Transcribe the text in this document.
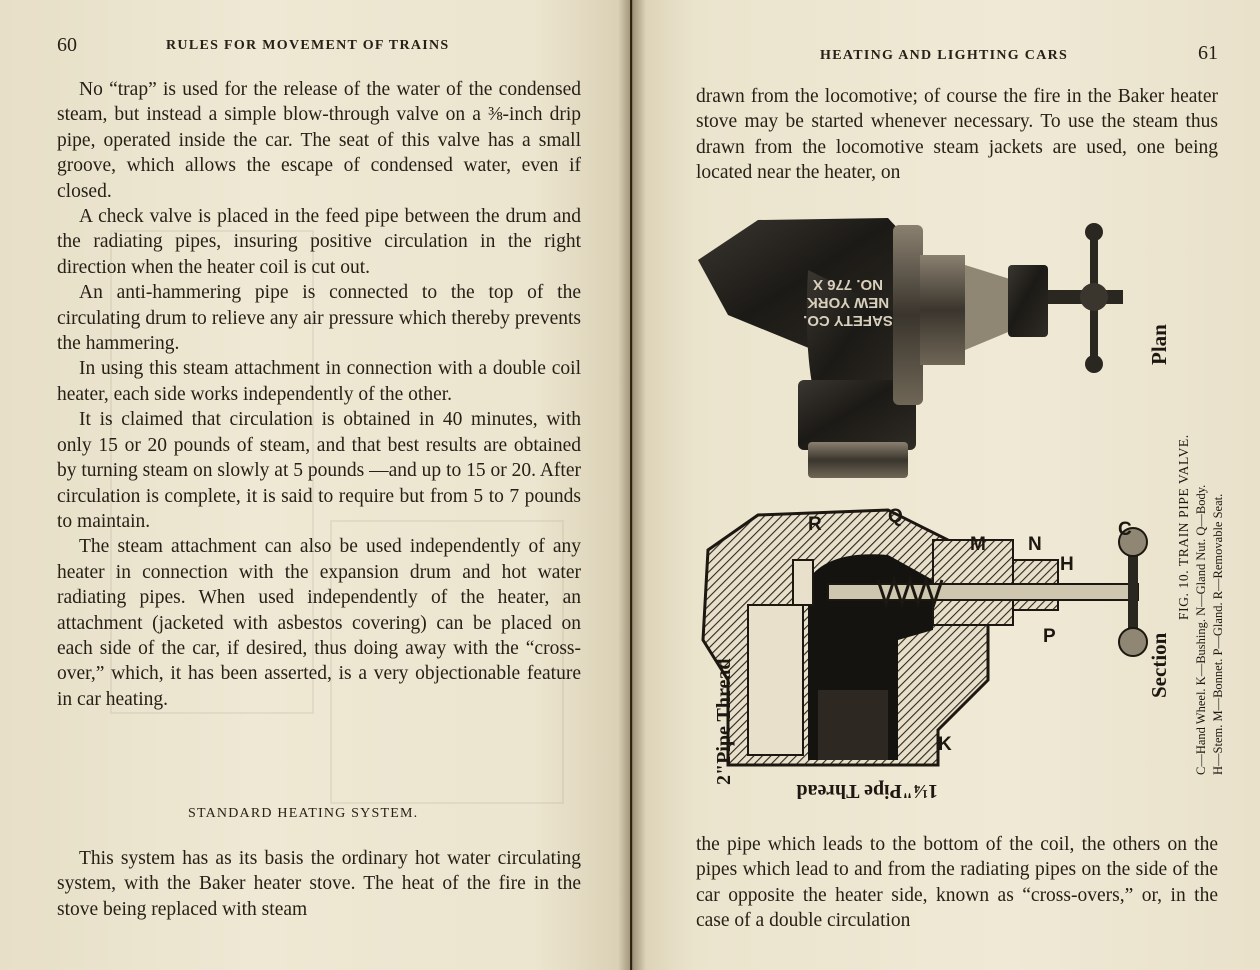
60	RULES FOR MOVEMENT OF TRAINS

No “trap” is used for the release of the water of the condensed steam, but instead a simple blow-through valve on a ⅜-inch drip pipe, operated inside the car. The seat of this valve has a small groove, which allows the escape of condensed water, even if closed.

A check valve is placed in the feed pipe between the drum and the radiating pipes, insuring positive circulation in the right direction when the heater coil is cut out.

An anti-hammering pipe is connected to the top of the circulating drum to relieve any air pressure which thereby prevents the hammering.

In using this steam attachment in connection with a double coil heater, each side works independently of the other.

It is claimed that circulation is obtained in 40 minutes, with only 15 or 20 pounds of steam, and that best results are obtained by turning steam on slowly at 5 pounds —and up to 15 or 20. After circulation is complete, it is said to require but from 5 to 7 pounds to maintain.

The steam attachment can also be used independently of any heater in connection with the expansion drum and hot water radiating pipes. When used independently of the heater, an attachment (jacketed with asbestos covering) can be placed on each side of the car, if desired, thus doing away with the “cross-over,” which, it has been asserted, is a very objectionable feature in car heating.

STANDARD HEATING SYSTEM.

This system has as its basis the ordinary hot water circulating system, with the Baker heater stove. The heat of the fire in the stove being replaced with steam

HEATING AND LIGHTING CARS	61

drawn from the locomotive; of course the fire in the Baker heater stove may be started whenever necessary. To use the steam thus drawn from the locomotive steam jackets are used, one being located near the heater, on

the pipe which leads to the bottom of the coil, the others on the pipes which lead to and from the radiating pipes on the side of the car opposite the heater side, known as “cross-overs,” or, in the case of a double circulation

SAFETY CO.
NEW YORK
NO. 776 X
R	Q
M N
H
C
P
K
2"Pipe Thread
1¼"Pipe Thread
Section
Plan
FIG. 10. TRAIN PIPE VALVE. C—Hand Wheel. K—Bushing. N—Gland Nut. Q—Body. H—Stem. M—Bonnet. P—Gland. R—Removable Seat.
